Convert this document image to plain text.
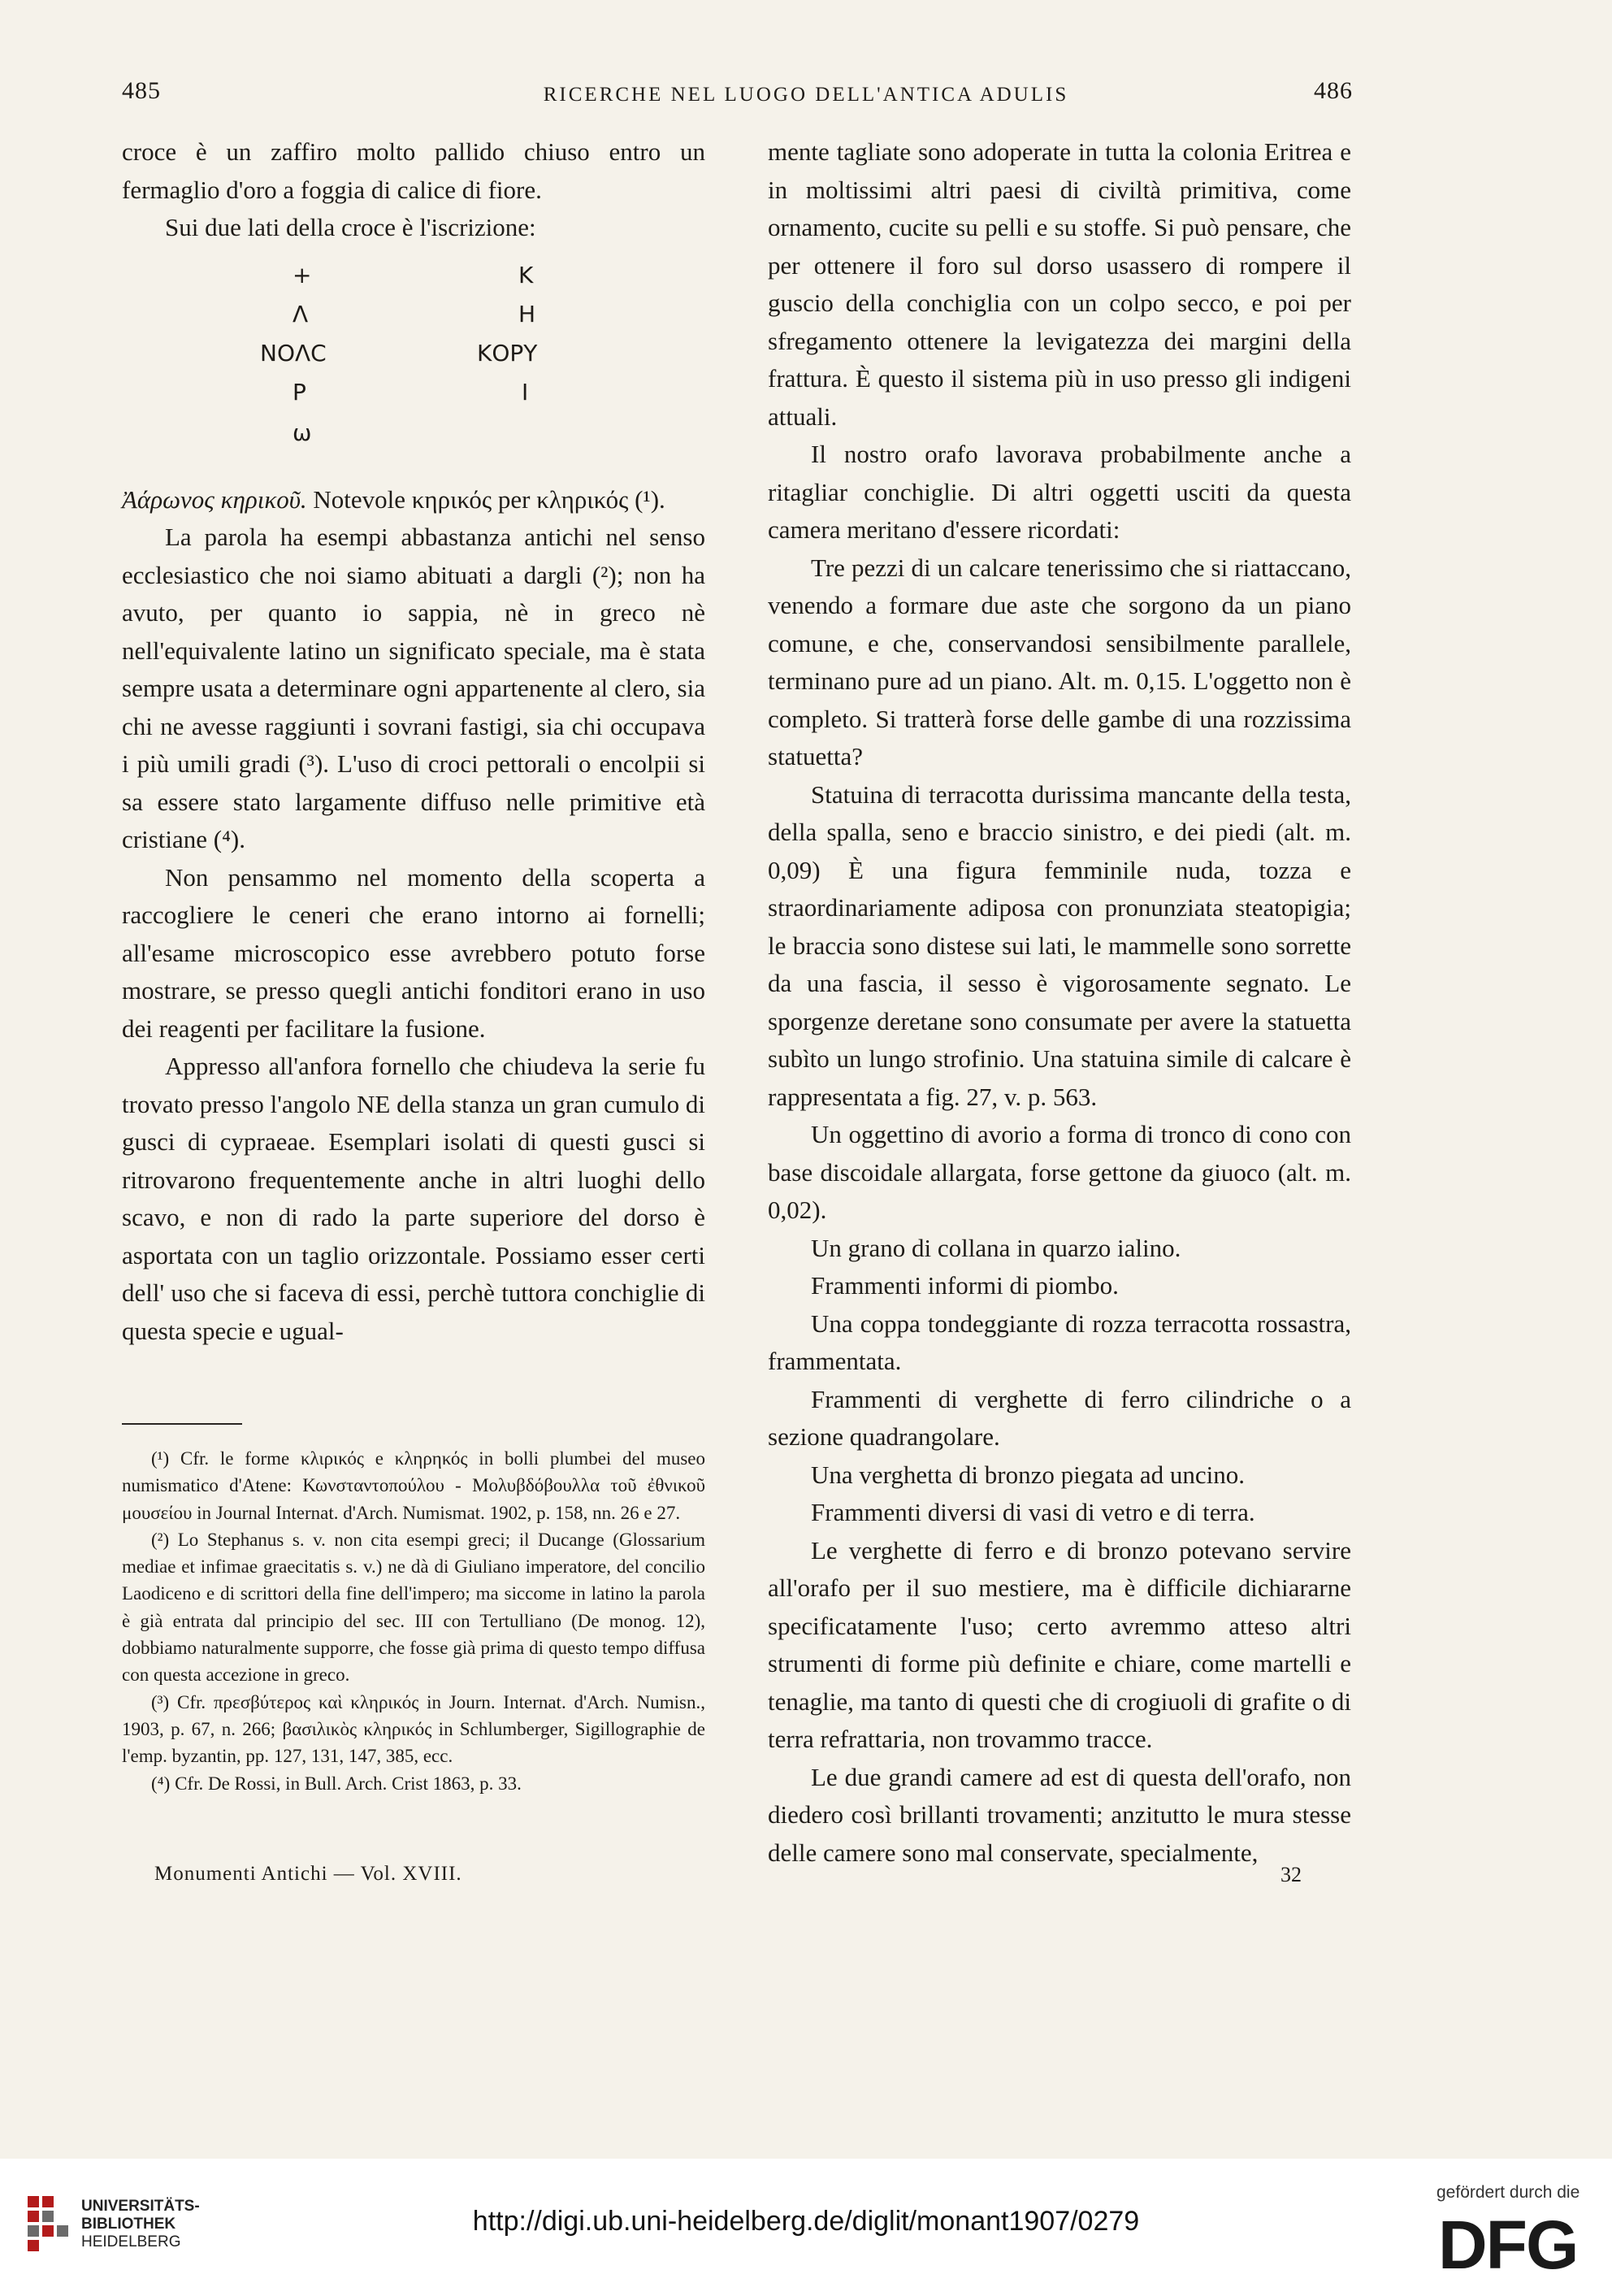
485	RICERCHE NEL LUOGO DELL'ANTICA ADULIS	486

croce è un zaffiro molto pallido chiuso entro un fermaglio d'oro a foggia di calice di fiore.

Sui due lati della croce è l'iscrizione:

+
Λ
ΝΟΛC
Ρ
ω
Κ
Η
ΚΟΡΥ
Ι

Ἀάρωνος κηρικοῦ. Notevole κηρικός per κληρικός (¹).

La parola ha esempi abbastanza antichi nel senso ecclesiastico che noi siamo abituati a dargli (²); non ha avuto, per quanto io sappia, nè in greco nè nell'equivalente latino un significato speciale, ma è stata sempre usata a determinare ogni appartenente al clero, sia chi ne avesse raggiunti i sovrani fastigi, sia chi occupava i più umili gradi (³). L'uso di croci pettorali o encolpii si sa essere stato largamente diffuso nelle primitive età cristiane (⁴).

Non pensammo nel momento della scoperta a raccogliere le ceneri che erano intorno ai fornelli; all'esame microscopico esse avrebbero potuto forse mostrare, se presso quegli antichi fonditori erano in uso dei reagenti per facilitare la fusione.

Appresso all'anfora fornello che chiudeva la serie fu trovato presso l'angolo NE della stanza un gran cumulo di gusci di cypraeae. Esemplari isolati di questi gusci si ritrovarono frequentemente anche in altri luoghi dello scavo, e non di rado la parte superiore del dorso è asportata con un taglio orizzontale. Possiamo esser certi dell' uso che si faceva di essi, perchè tuttora conchiglie di questa specie e ugual-

(¹) Cfr. le forme κλιρικός e κληρηκός in bolli plumbei del museo numismatico d'Atene: Κωνσταντοπούλου - Μολυβδόβουλλα τοῦ ἐθνικοῦ μουσείου in Journal Internat. d'Arch. Numismat. 1902, p. 158, nn. 26 e 27.

(²) Lo Stephanus s. v. non cita esempi greci; il Ducange (Glossarium mediae et infimae graecitatis s. v.) ne dà di Giuliano imperatore, del concilio Laodiceno e di scrittori della fine dell'impero; ma siccome in latino la parola è già entrata dal principio del sec. III con Tertulliano (De monog. 12), dobbiamo naturalmente supporre, che fosse già prima di questo tempo diffusa con questa accezione in greco.

(³) Cfr. πρεσβύτερος καὶ κληρικός in Journ. Internat. d'Arch. Numisn., 1903, p. 67, n. 266; βασιλικὸς κληρικός in Schlumberger, Sigillographie de l'emp. byzantin, pp. 127, 131, 147, 385, ecc.

(⁴) Cfr. De Rossi, in Bull. Arch. Crist 1863, p. 33.

mente tagliate sono adoperate in tutta la colonia Eritrea e in moltissimi altri paesi di civiltà primitiva, come ornamento, cucite su pelli e su stoffe. Si può pensare, che per ottenere il foro sul dorso usassero di rompere il guscio della conchiglia con un colpo secco, e poi per sfregamento ottenere la levigatezza dei margini della frattura. È questo il sistema più in uso presso gli indigeni attuali.

Il nostro orafo lavorava probabilmente anche a ritagliar conchiglie. Di altri oggetti usciti da questa camera meritano d'essere ricordati:

Tre pezzi di un calcare tenerissimo che si riattaccano, venendo a formare due aste che sorgono da un piano comune, e che, conservandosi sensibilmente parallele, terminano pure ad un piano. Alt. m. 0,15. L'oggetto non è completo. Si tratterà forse delle gambe di una rozzissima statuetta?

Statuina di terracotta durissima mancante della testa, della spalla, seno e braccio sinistro, e dei piedi (alt. m. 0,09) È una figura femminile nuda, tozza e straordinariamente adiposa con pronunziata steatopigia; le braccia sono distese sui lati, le mammelle sono sorrette da una fascia, il sesso è vigorosamente segnato. Le sporgenze deretane sono consumate per avere la statuetta subìto un lungo strofinio. Una statuina simile di calcare è rappresentata a fig. 27, v. p. 563.

Un oggettino di avorio a forma di tronco di cono con base discoidale allargata, forse gettone da giuoco (alt. m. 0,02).

Un grano di collana in quarzo ialino.

Frammenti informi di piombo.

Una coppa tondeggiante di rozza terracotta rossastra, frammentata.

Frammenti di verghette di ferro cilindriche o a sezione quadrangolare.

Una verghetta di bronzo piegata ad uncino.

Frammenti diversi di vasi di vetro e di terra.

Le verghette di ferro e di bronzo potevano servire all'orafo per il suo mestiere, ma è difficile dichiararne specificatamente l'uso; certo avremmo atteso altri strumenti di forme più definite e chiare, come martelli e tenaglie, ma tanto di questi che di crogiuoli di grafite o di terra refrattaria, non trovammo tracce.

Le due grandi camere ad est di questa dell'orafo, non diedero così brillanti trovamenti; anzitutto le mura stesse delle camere sono mal conservate, specialmente,

Monumenti Antichi — Vol. XVIII.	32
UNIVERSITÄTS-
BIBLIOTHEK
HEIDELBERG
http://digi.ub.uni-heidelberg.de/diglit/monant1907/0279
gefördert durch die
DFG
